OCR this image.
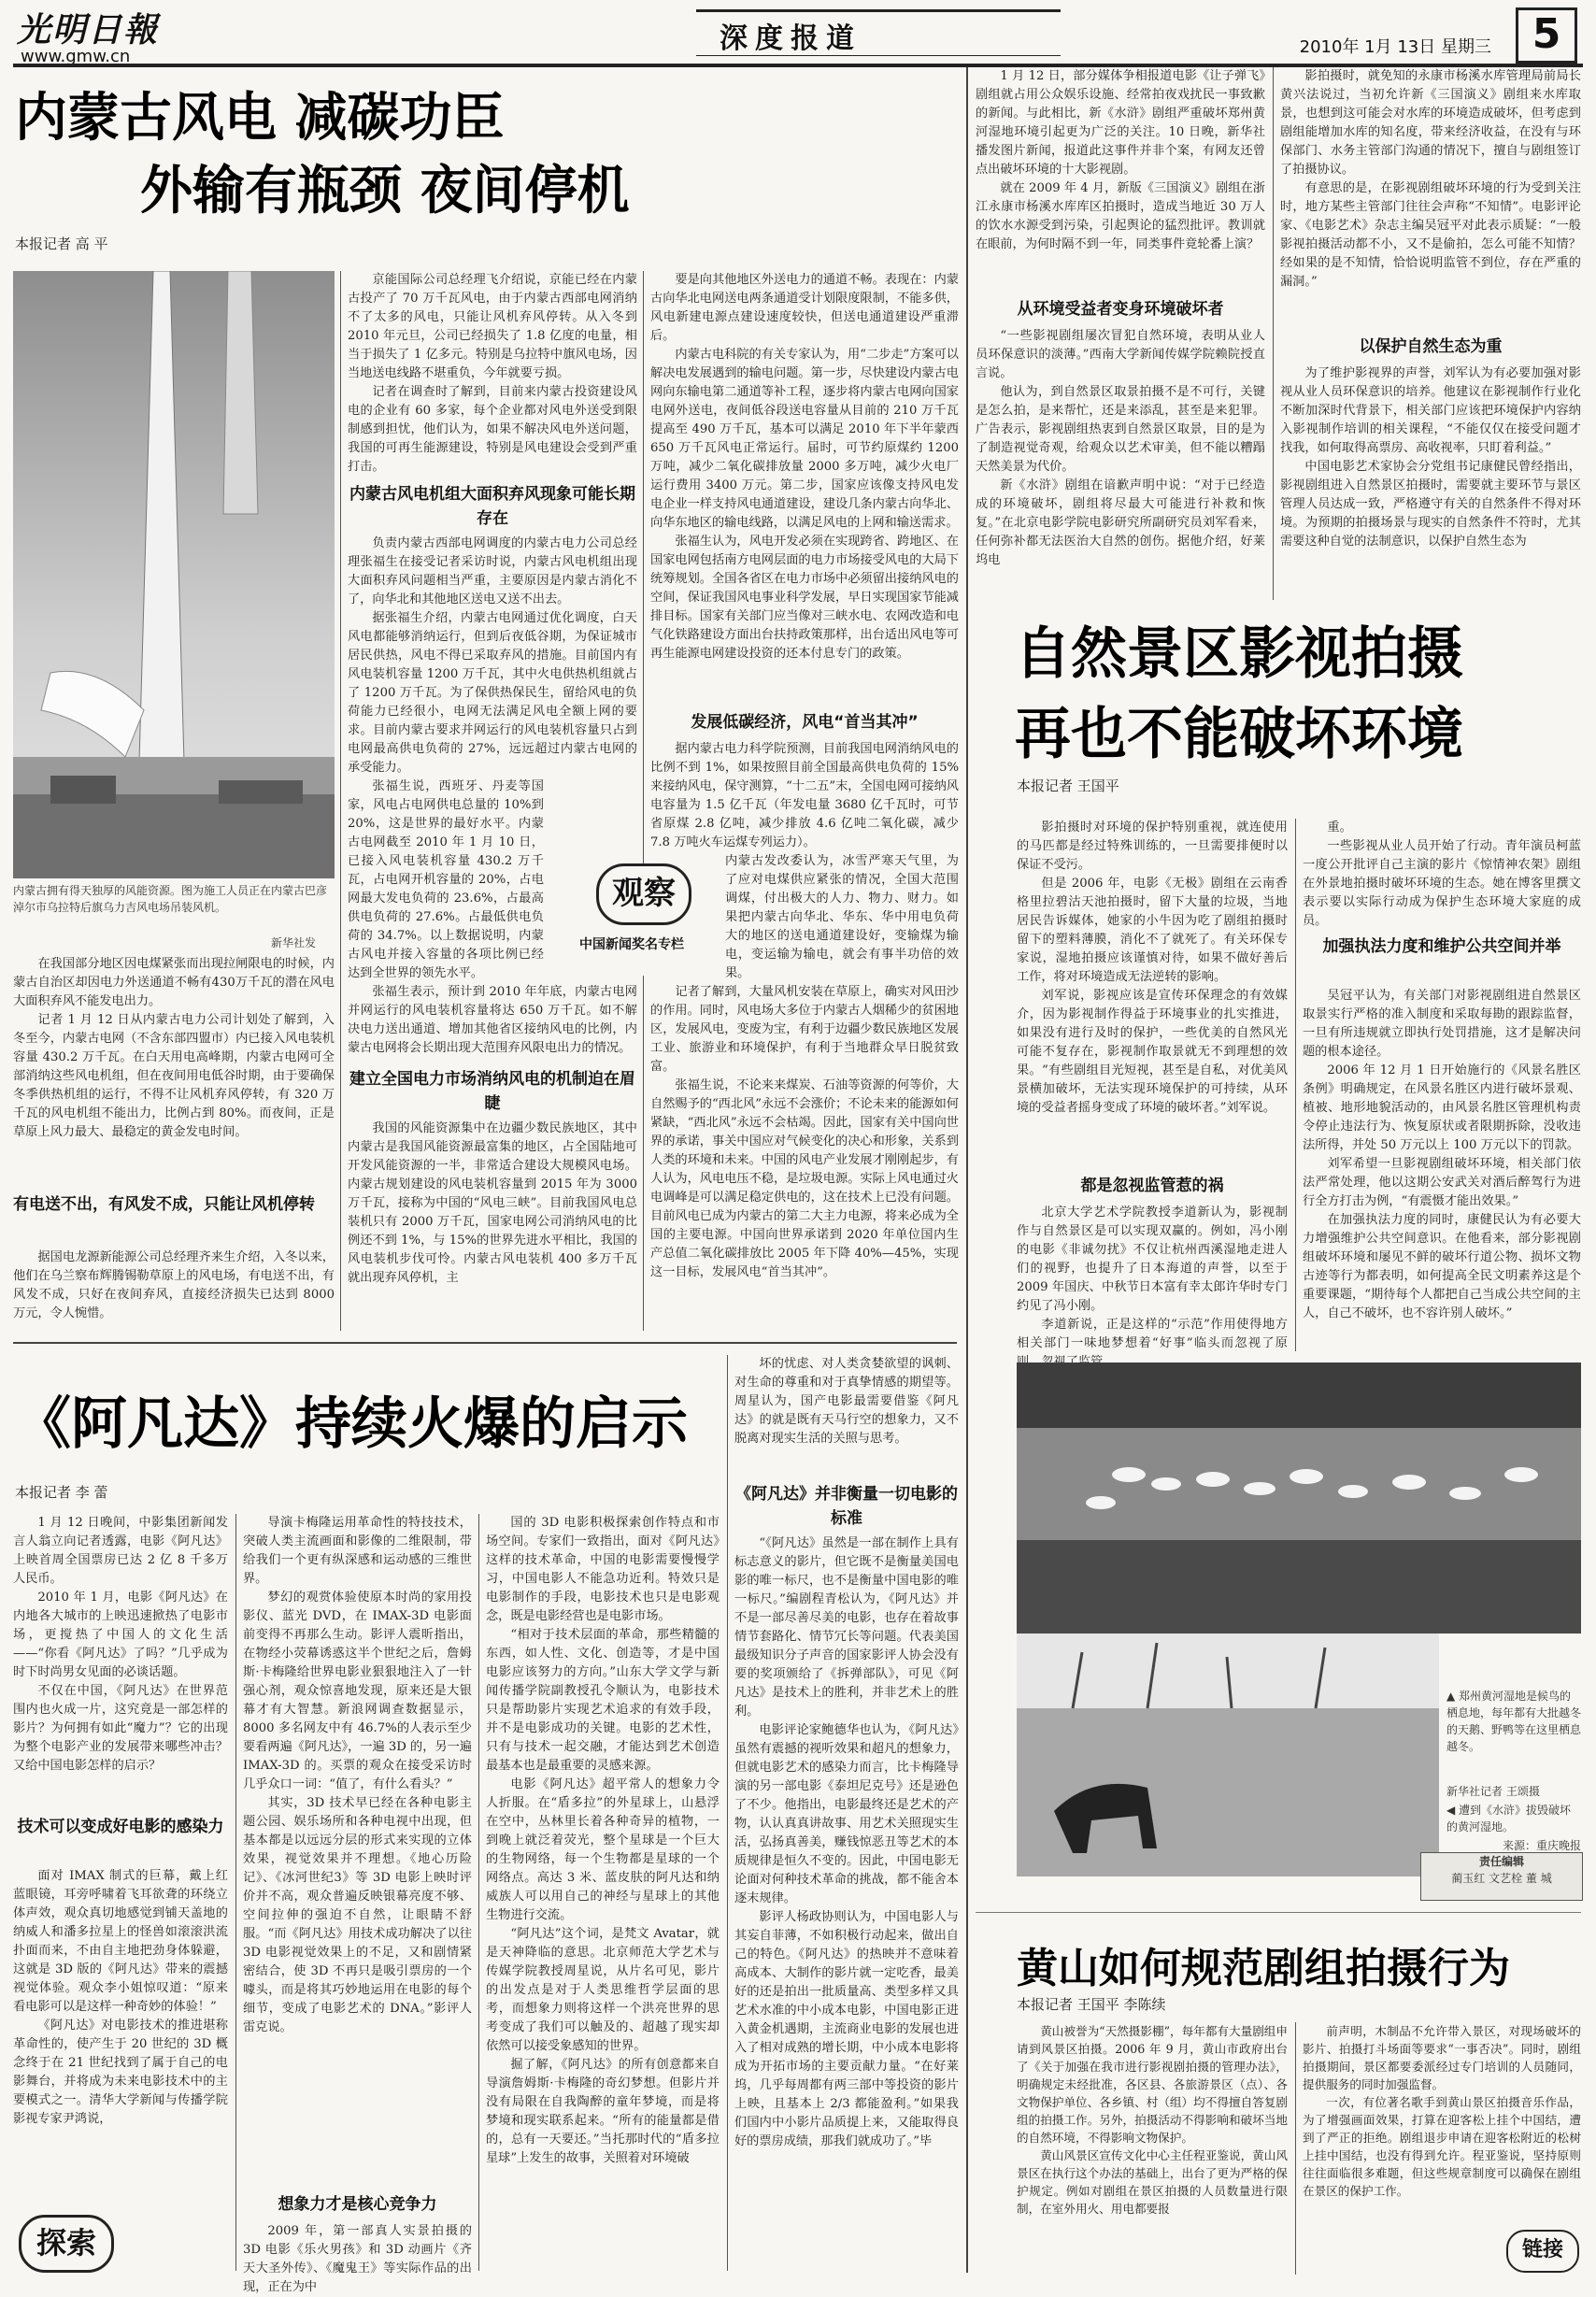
光明日報
www.gmw.cn
深度报道	2010年 1月 13日 星期三 5
内蒙古风电 减碳功臣
外输有瓶颈 夜间停机
本报记者 高 平
内蒙古拥有得天独厚的风能资源。图为施工人员正在内蒙古巴彦淖尔市乌拉特后旗乌力吉风电场吊装风机。
新华社发

在我国部分地区因电煤紧张而出现拉闸限电的时候，内蒙古自治区却因电力外送通道不畅有430万千瓦的潜在风电大面积弃风不能发电出力。

记者 1 月 12 日从内蒙古电力公司计划处了解到，入冬至今，内蒙古电网（不含东部四盟市）内已接入风电装机容量 430.2 万千瓦。在白天用电高峰期，内蒙古电网可全部消纳这些风电机组，但在夜间用电低谷时期，由于要确保冬季供热机组的运行，不得不让风机弃风停转，有 320 万千瓦的风电机组不能出力，比例占到 80%。而夜间，正是草原上风力最大、最稳定的黄金发电时间。

有电送不出，有风发不成，只能让风机停转

据国电龙源新能源公司总经理齐来生介绍，入冬以来，他们在乌兰察布辉腾锡勒草原上的风电场，有电送不出，有风发不成，只好在夜间弃风，直接经济损失已达到 8000 万元，令人惋惜。

京能国际公司总经理飞介绍说，京能已经在内蒙古投产了 70 万千瓦风电，由于内蒙古西部电网消纳不了太多的风电，只能让风机弃风停转。从入冬到 2010 年元旦，公司已经损失了 1.8 亿度的电量，相当于损失了 1 亿多元。特别是乌拉特中旗风电场，因当地送电线路不堪重负，今年就要亏损。

记者在调查时了解到，目前来内蒙古投资建设风电的企业有 60 多家，每个企业都对风电外送受到限制感到担忧，他们认为，如果不解决风电外送问题，我国的可再生能源建设，特别是风电建设会受到严重打击。

内蒙古风电机组大面积弃风现象可能长期存在

负责内蒙古西部电网调度的内蒙古电力公司总经理张福生在接受记者采访时说，内蒙古风电机组出现大面积弃风问题相当严重，主要原因是内蒙古消化不了，向华北和其他地区送电又送不出去。

据张福生介绍，内蒙古电网通过优化调度，白天风电都能够消纳运行，但到后夜低谷期，为保证城市居民供热，风电不得已采取弃风的措施。目前国内有风电装机容量 1200 万千瓦，其中火电供热机组就占了 1200 万千瓦。为了保供热保民生，留给风电的负荷能力已经很小，电网无法满足风电全额上网的要求。目前内蒙古要求并网运行的风电装机容量只占到电网最高供电负荷的 27%，远远超过内蒙古电网的承受能力。

张福生说，西班牙、丹麦等国家，风电占电网供电总量的 10%到 20%，这是世界的最好水平。内蒙古电网截至 2010 年 1 月 10 日，已接入风电装机容量 430.2 万千瓦，占电网开机容量的 20%，占电网最大发电负荷的 23.6%，占最高供电负荷的 27.6%。占最低供电负荷的 34.7%。以上数据说明，内蒙古风电并接入容量的各项比例已经达到全世界的领先水平。

张福生表示，预计到 2010 年年底，内蒙古电网并网运行的风电装机容量将达 650 万千瓦。如不解决电力送出通道、增加其他省区接纳风电的比例，内蒙古电网将会长期出现大范围弃风限电出力的情况。

建立全国电力市场消纳风电的机制迫在眉睫

我国的风能资源集中在边疆少数民族地区，其中内蒙古是我国风能资源最富集的地区，占全国陆地可开发风能资源的一半，非常适合建设大规模风电场。内蒙古规划建设的风电装机容量到 2015 年为 3000 万千瓦，接称为中国的“风电三峡”。目前我国风电总装机只有 2000 万千瓦，国家电网公司消纳风电的比例还不到 1%，与 15%的世界先进水平相比，我国的风电装机步伐可怜。内蒙古风电装机 400 多万千瓦就出现弃风停机，主

观察
中国新闻奖名专栏

要是向其他地区外送电力的通道不畅。表现在：内蒙古向华北电网送电两条通道受计划限度限制，不能多供，风电新建电源点建设速度较快，但送电通道建设严重滞后。

内蒙古电科院的有关专家认为，用“二步走”方案可以解决电发展遇到的输电问题。第一步，尽快建设内蒙古电网向东输电第二通道等补工程，逐步将内蒙古电网向国家电网外送电，夜间低谷段送电容量从目前的 210 万千瓦提高至 490 万千瓦，基本可以满足 2010 年下半年蒙西 650 万千瓦风电正常运行。届时，可节约原煤约 1200 万吨，减少二氧化碳排放量 2000 多万吨，减少火电厂运行费用 3400 万元。第二步，国家应该像支持风电发电企业一样支持风电通道建设，建设几条内蒙古向华北、向华东地区的输电线路，以满足风电的上网和输送需求。

张福生认为，风电开发必须在实现跨省、跨地区、在国家电网包括南方电网层面的电力市场接受风电的大局下统筹规划。全国各省区在电力市场中必须留出接纳风电的空间，保证我国风电事业科学发展，早日实现国家节能减排目标。国家有关部门应当像对三峡水电、农网改造和电气化铁路建设方面出台扶持政策那样，出台适出风电等可再生能源电网建设投资的还本付息专门的政策。

发展低碳经济，风电“首当其冲”

据内蒙古电力科学院预测，目前我国电网消纳风电的比例不到 1%，如果按照目前全国最高供电负荷的 15%来接纳风电，保守测算，“十二五”末，全国电网可接纳风电容量为 1.5 亿千瓦（年发电量 3680 亿千瓦时，可节省原煤 2.8 亿吨，减少排放 4.6 亿吨二氧化碳，减少 7.8 万吨火车运煤专列运力）。

内蒙古发改委认为，冰雪严寒天气里，为了应对电煤供应紧张的情况，全国大范围调煤，付出极大的人力、物力、财力。如果把内蒙古向华北、华东、华中用电负荷大的地区的送电通道建设好，变输煤为输电，变运输为输电，就会有事半功倍的效果。

记者了解到，大量风机安装在草原上，确实对风田沙的作用。同时，风电场大多位于内蒙古人烟稀少的贫困地区，发展风电，变废为宝，有利于边疆少数民族地区发展工业、旅游业和环境保护，有利于当地群众早日脱贫致富。

张福生说，不论来来煤炭、石油等资源的何等价，大自然赐予的“西北风”永远不会涨价；不论未来的能源如何紧缺，“西北风”永远不会枯竭。因此，国家有关中国向世界的承诺，事关中国应对气候变化的决心和形象，关系到人类的环境和未来。中国的风电产业发展才刚刚起步，有人认为，风电电压不稳，是垃圾电源。实际上风电通过火电调峰是可以满足稳定供电的，这在技术上已没有问题。目前风电已成为内蒙古的第二大主力电源，将来必成为全国的主要电源。中国向世界承诺到 2020 年单位国内生产总值二氧化碳排放比 2005 年下降 40%—45%，实现这一目标，发展风电“首当其冲”。

《阿凡达》持续火爆的启示
本报记者 李 蕾

1 月 12 日晚间，中影集团新闻发言人翁立向记者透露，电影《阿凡达》上映首周全国票房已达 2 亿 8 千多万人民币。

2010 年 1 月，电影《阿凡达》在内地各大城市的上映迅速掀热了电影市场，更搅热了中国人的文化生活——“你看《阿凡达》了吗？”几乎成为时下时尚男女见面的必谈话题。

不仅在中国，《阿凡达》在世界范围内也火成一片，这究竟是一部怎样的影片？为何拥有如此“魔力”？它的出现为整个电影产业的发展带来哪些冲击？又给中国电影怎样的启示？

技术可以变成好电影的感染力

面对 IMAX 制式的巨幕，戴上红蓝眼镜，耳旁呼啸着飞耳欲聋的环绕立体声效，观众真切地感觉到铺天盖地的纳威人和潘多拉星上的怪兽如滚滚洪流扑面而来，不由自主地把劲身体躲避，这就是 3D 版的《阿凡达》带来的震撼视觉体验。观众李小姐惊叹道：“原来看电影可以是这样一种奇妙的体验！”

《阿凡达》对电影技术的推进堪称革命性的，使产生于 20 世纪的 3D 概念终于在 21 世纪找到了属于自己的电影舞台，并将成为未来电影技术中的主要模式之一。清华大学新闻与传播学院影视专家尹鸿说，

探索

导演卡梅隆运用革命性的特技技术，突破人类主流画面和影像的二维限制，带给我们一个更有纵深感和运动感的三维世界。

梦幻的观赏体验使原本时尚的家用投影仪、蓝光 DVD，在 IMAX-3D 电影面前变得不再那么生动。影评人震昕指出，在物经小荧幕诱惑这半个世纪之后，詹姆斯·卡梅隆给世界电影业狠狠地注入了一针强心剂，观众惊喜地发现，原来还是大银幕才有大智慧。新浪网调查数据显示，8000 多名网友中有 46.7%的人表示至少要看两遍《阿凡达》，一遍 3D 的，另一遍 IMAX-3D 的。买票的观众在接受采访时几乎众口一词：“值了，有什么看头？”

其实，3D 技术早已经在各种电影主题公园、娱乐场所和各种电视中出现，但基本都是以远远分层的形式来实现的立体效果，视觉效果并不理想。《地心历险记》、《冰河世纪3》等 3D 电影上映时评价并不高，观众普遍反映银幕亮度不够、空间拉伸的强迫不自然，让眼睛不舒服。“而《阿凡达》用技术成功解决了以往 3D 电影视觉效果上的不足，又和剧情紧密结合，使 3D 不再只是吸引票房的一个噱头，而是将其巧妙地运用在电影的每个细节，变成了电影艺术的 DNA。”影评人雷克说。

想象力才是核心竞争力

2009 年，第一部真人实景拍摄的 3D 电影《乐火男孩》和 3D 动画片《齐天大圣外传》、《魔鬼王》等实际作品的出现，正在为中

国的 3D 电影积极探索创作特点和市场空间。专家们一致指出，面对《阿凡达》这样的技术革命，中国的电影需要慢慢学习，中国电影人不能急功近利。特效只是电影制作的手段，电影技术也只是电影观念，既是电影经营也是电影市场。

“相对于技术层面的革命，那些精髓的东西，如人性、文化、创造等，才是中国电影应该努力的方向。”山东大学文学与新闻传播学院副教授孔令顺认为，电影技术只是帮助影片实现艺术追求的有效手段，并不是电影成功的关键。电影的艺术性，只有与技术一起交融，才能达到艺术创造最基本也是最重要的灵感来源。

电影《阿凡达》超平常人的想象力令人折服。在“盾多拉”的外星球上，山悬浮在空中，丛林里长着各种奇异的植物，一到晚上就泛着荧光，整个星球是一个巨大的生物网络，每一个生物都是星球的一个网络点。高达 3 米、蓝皮肤的阿凡达和纳威族人可以用自己的神经与星球上的其他生物进行交流。

“阿凡达”这个词，是梵文 Avatar，就是天神降临的意思。北京师范大学艺术与传媒学院教授周星说，从片名可见，影片的出发点是对于人类思维哲学层面的思考，而想象力则将这样一个洪亮世界的思考变成了我们可以触及的、超越了现实却依然可以接受象感知的世界。

掘了解，《阿凡达》的所有创意都来自导演詹姆斯·卡梅隆的奇幻梦想。但影片并没有局限在自我陶醉的童年梦境，而是将梦境和现实联系起来。“所有的能量都是借的，总有一天要还。”当托那时代的“盾多拉星球”上发生的故事，关照着对环境破

坏的忧虑、对人类贪婪欲望的讽刺、对生命的尊重和对于真挚情感的期望等。周星认为，国产电影最需要借鉴《阿凡达》的就是既有天马行空的想象力，又不脱离对现实生活的关照与思考。

《阿凡达》并非衡量一切电影的标准

“《阿凡达》虽然是一部在制作上具有标志意义的影片，但它既不是衡量美国电影的唯一标尺，也不是衡量中国电影的唯一标尺。”编剧程青松认为，《阿凡达》并不是一部尽善尽美的电影，也存在着故事情节套路化、情节冗长等问题。代表美国最级知识分子声音的国家影评人协会没有要的奖项颁给了《拆弹部队》，可见《阿凡达》是技术上的胜利，并非艺术上的胜利。

电影评论家鲍德华也认为，《阿凡达》虽然有震撼的视听效果和超凡的想象力，但就电影艺术的感染力而言，比卡梅隆导演的另一部电影《泰坦尼克号》还是逊色了不少。他指出，电影最终还是艺术的产物，认认真真讲故事、用艺术关照现实生活，弘扬真善美，赚钱惊恶丑等艺术的本质规律是恒久不变的。因此，中国电影无论面对何种技术革命的挑战，都不能舍本逐末规律。

影评人杨政协则认为，中国电影人与其妄自菲薄，不如积极行动起来，做出自己的特色。《阿凡达》的热映并不意味着高成本、大制作的影片就一定吃香，最美好的还是拍出一批质量高、类型多样又具艺术水准的中小成本电影，中国电影正进入黄金机遇期，主流商业电影的发展也进入了相对成熟的增长期，中小成本电影将成为开拓市场的主要贡献力量。“在好莱坞，几乎每周都有两三部中等投资的影片上映，且基本上 2/3 都能盈利。”如果我们国内中小影片品质提上来，又能取得良好的票房成绩，那我们就成功了。”毕

1 月 12 日，部分媒体争相报道电影《让子弹飞》剧组就占用公众娱乐设施、经常拍夜戏扰民一事致歉的新闻。与此相比，新《水浒》剧组严重破坏郑州黄河湿地环境引起更为广泛的关注。10 日晚，新华社播发图片新闻，报道此这事件并非个案，有网友还曾点出破坏环境的十大影视剧。

就在 2009 年 4 月，新版《三国演义》剧组在浙江永康市杨溪水库库区拍摄时，造成当地近 30 万人的饮水水源受到污染，引起舆论的猛烈批评。教训就在眼前，为何时隔不到一年，同类事件竟轮番上演？

从环境受益者变身环境破坏者

“一些影视剧组屡次冒犯自然环境，表明从业人员环保意识的淡薄。”西南大学新闻传媒学院赖院授直言说。

他认为，到自然景区取景拍摄不是不可行，关键是怎么拍，是来帮忙，还是来添乱，甚至是来犯罪。广告表示，影视剧组热衷到自然景区取景，目的是为了制造视觉奇观，给观众以艺术审美，但不能以糟蹋天然美景为代价。

新《水浒》剧组在谙歉声明中说：“对于已经造成的环境破坏，剧组将尽最大可能进行补救和恢复。”在北京电影学院电影研究所副研究员刘军看来，任何弥补都无法医治大自然的创伤。据他介绍，好莱坞电

影拍摄时，就免知的永康市杨溪水库管理局前局长黄兴法说过，当初允许新《三国演义》剧组来水库取景，也想到这可能会对水库的环境造成破坏，但考虑到剧组能增加水库的知名度，带来经济收益，在没有与环保部门、水务主管部门沟通的情况下，擅自与剧组签订了拍摄协议。

有意思的是，在影视剧组破坏环境的行为受到关注时，地方某些主管部门往往会声称“不知情”。电影评论家、《电影艺术》杂志主编吴冠平对此表示质疑：“一般影视拍摄活动都不小，又不是偷拍，怎么可能不知情？经如果的是不知情，恰恰说明监管不到位，存在严重的漏洞。”

以保护自然生态为重

为了维护影视界的声誉，刘军认为有必要加强对影视从业人员环保意识的培养。他建议在影视制作行业化不断加深时代背景下，相关部门应该把环境保护内容纳入影视制作培训的相关课程，“不能仅仅在接受问题才找我，如何取得高票房、高收视率，只盯着利益。”

中国电影艺术家协会分党组书记康健民曾经指出，影视剧组进入自然景区拍摄时，需要就主要环节与景区管理人员达成一致，严格遵守有关的自然条件不得对环境。为预期的拍摄场景与现实的自然条件不符时，尤其需要这种自觉的法制意识，以保护自然生态为

自然景区影视拍摄
再也不能破坏环境
本报记者 王国平

影拍摄时对环境的保护特别重视，就连使用的马匹都是经过特殊训练的，一旦需要排便时以保证不受污。

但是 2006 年，电影《无极》剧组在云南香格里拉碧沽天池拍摄时，留下大量的垃圾，当地居民告诉媒体，她家的小牛因为吃了剧组拍摄时留下的塑料薄膜，消化不了就死了。有关环保专家说，湿地拍摄应该谨慎对待，如果不做好善后工作，将对环境造成无法逆转的影响。

刘军说，影视应该是宣传环保理念的有效媒介，因为影视制作得益于环境事业的扎实推进，如果没有进行及时的保护，一些优美的自然风光可能不复存在，影视制作取景就无不到理想的效果。“有些剧组目光短视，甚至是自私，对优美风景横加破坏，无法实现环境保护的可持续，从环境的受益者摇身变成了环境的破坏者。”刘军说。

都是忽视监管惹的祸

北京大学艺术学院教授李道新认为，影视制作与自然景区是可以实现双赢的。例如，冯小刚的电影《非诚勿扰》不仅让杭州西溪湿地走进人们的视野，也提升了日本海道的声誉，以至于 2009 年国庆、中秋节日本富有幸太郎许华时专门约见了冯小刚。

李道新说，正是这样的“示范”作用使得地方相关部门一味地梦想着“好事”临头而忽视了原

重。

一些影视从业人员开始了行动。青年演员柯蓝一度公开批评自己主演的影片《惊情神农架》剧组在外景地拍摄时破坏环境的生态。她在博客里撰文表示要以实际行动成为保护生态环境大家庭的成员。

加强执法力度和维护公共空间并举

吴冠平认为，有关部门对影视剧组进自然景区取景实行严格的准入制度和采取每勘的跟踪监督，一旦有所违规就立即执行处罚措施，这才是解决问题的根本途径。

2006 年 12 月 1 日开始施行的《风景名胜区条例》明确规定，在风景名胜区内进行破坏景观、植被、地形地貌活动的，由风景名胜区管理机构责令停止违法行为、恢复原状或者限期拆除，没收违法所得，并处 50 万元以上 100 万元以下的罚款。

刘军希望一旦影视剧组破坏环境，相关部门依法严常处理，他以这期公安武关对酒后醉驾行为进行全方打击为例，“有震慑才能出效果。”

在加强执法力度的同时，康健民认为有必要大力增强维护公共空间意识。在他看来，部分影视剧组破坏环境和屡见不鲜的破坏行道公物、损坏文物古迹等行为都表明，如何提高全民文明素养这是个重要课题，“期待每个人都把自己当成公共空间的主人，自己不破坏，也不容许别人破坏。”

▲ 郑州黄河湿地是候鸟的栖息地，每年都有大批越冬的天鹅、野鸭等在这里栖息越冬。
新华社记者 王颂摄
◀ 遭到《水浒》拔毁破坏的黄河湿地。
来源：重庆晚报
责任编辑
蔺玉红 文艺栓 董 城
黄山如何规范剧组拍摄行为
本报记者 王国平 李陈续

黄山被誉为“天然摄影棚”，每年都有大量剧组申请到风景区拍摄。2006 年 9 月，黄山市政府出台了《关于加强在我市进行影视剧拍摄的管理办法》，明确规定未经批准，各区县、各旅游景区（点）、各文物保护单位、各乡镇、村（组）均不得擅自答复剧组的拍摄工作。另外，拍摄活动不得影响和破坏当地的自然环境，不得影响文物保护。

黄山风景区宣传文化中心主任程亚鉴说，黄山风景区在执行这个办法的基础上，出台了更为严格的保护规定。例如对剧组在景区拍摄的人员数量进行限制，在室外用火、用电都要报

前声明，木制品不允许带入景区，对现场破坏的影片、拍摄打斗场面等要求“一事否决”。同时，剧组拍摄期间，景区都要委派经过专门培训的人员随同，提供服务的同时加强监督。

一次，有位著名歌手到黄山景区拍摄音乐作品，为了增强画面效果，打算在迎客松上挂个中国结，遭到了严正的拒绝。剧组退步申请在迎客松附近的松树上挂中国结，也没有得到允许。程亚鉴说，坚持原则往往面临很多难题，但这些规章制度可以确保在剧组在景区的保护工作。

链接
